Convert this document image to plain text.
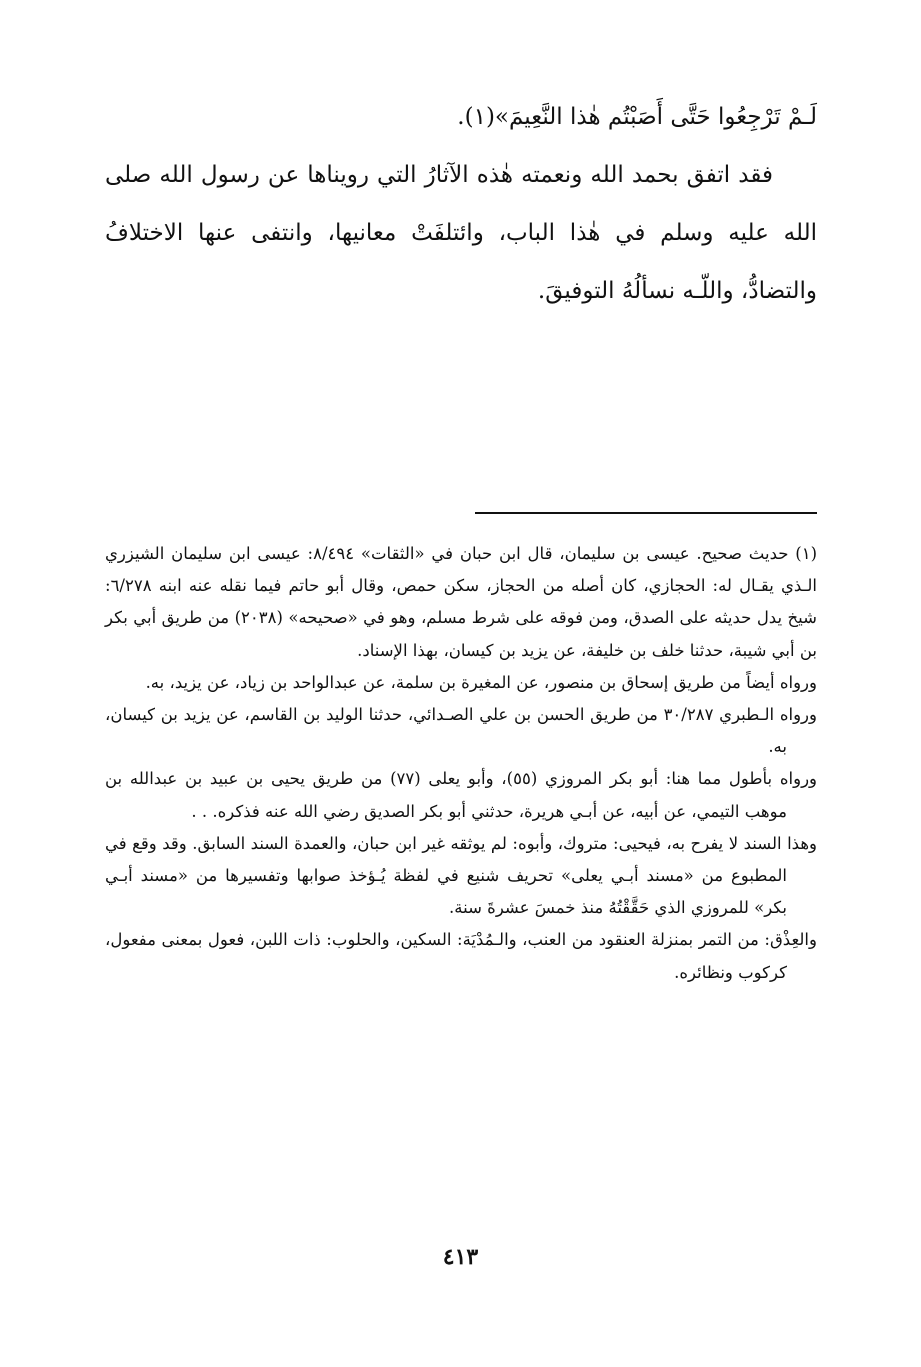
لَـمْ تَرْجِعُوا حَتَّى أَصَبْتُم هٰذا النَّعِيمَ»(١).

فقد اتفق بحمد الله ونعمته هٰذه الآثارُ التي رويناها عن رسول الله صلى الله عليه وسلم في هٰذا الباب، وائتلفَتْ معانيها، وانتفى عنها الاختلافُ والتضادُّ، واللّـه نسألُهُ التوفيقَ.

(١) حديث صحيح. عيسى بن سليمان، قال ابن حبان في «الثقات» ٨/٤٩٤: عيسى ابن سليمان الشيزري الـذي يقـال له: الحجازي، كان أصله من الحجاز، سكن حمص، وقال أبو حاتم فيما نقله عنه ابنه ٦/٢٧٨: شيخ يدل حديثه على الصدق، ومن فوقه على شرط مسلم، وهو في «صحيحه» (٢٠٣٨) من طريق أبي بكر بن أبي شيبة، حدثنا خلف بن خليفة، عن يزيد بن كيسان، بهذا الإسناد.

ورواه أيضاً من طريق إسحاق بن منصور، عن المغيرة بن سلمة، عن عبدالواحد بن زياد، عن يزيد، به.

ورواه الـطبري ٣٠/٢٨٧ من طريق الحسن بن علي الصـدائي، حدثنا الوليد بن القاسم، عن يزيد بن كيسان، به.

ورواه بأطول مما هنا: أبو بكر المروزي (٥٥)، وأبو يعلى (٧٧) من طريق يحيى بن عبيد بن عبدالله بن موهب التيمي، عن أبيه، عن أبـي هريرة، حدثني أبو بكر الصديق رضي الله عنه فذكره. . .

وهذا السند لا يفرح به، فيحيى: متروك، وأبوه: لم يوثقه غير ابن حبان، والعمدة السند السابق. وقد وقع في المطبوع من «مسند أبـي يعلى» تحريف شنيع في لفظة يُـؤخذ صوابها وتفسيرها من «مسند أبـي بكر» للمروزي الذي حَقَّقْتُهُ منذ خمسَ عشرةَ سنة.

والعِذْق: من التمر بمنزلة العنقود من العنب، والـمُدْيَة: السكين، والحلوب: ذات اللبن، فعول بمعنى مفعول، كركوب ونظائره.

٤١٣
